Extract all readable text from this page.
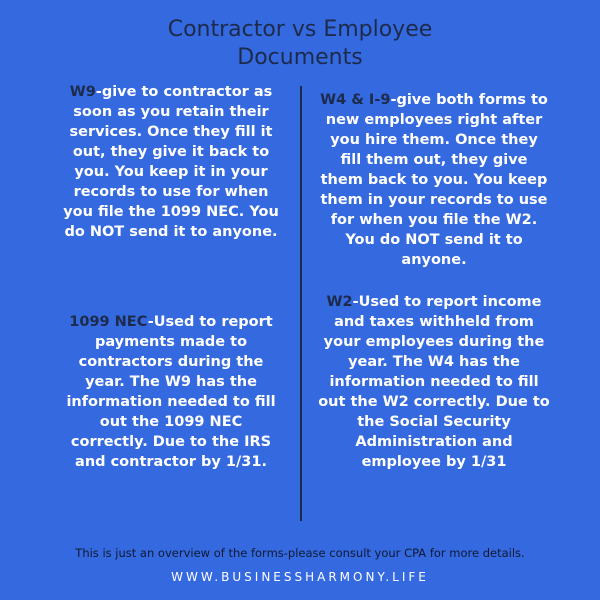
Contractor vs Employee
Documents
W9-give to contractor as soon as you retain their services. Once they fill it out, they give it back to you. You keep it in your records to use for when you file the 1099 NEC. You do NOT send it to anyone.
W4 & I-9-give both forms to new employees right after you hire them. Once they fill them out, they give them back to you. You keep them in your records to use for when you file the W2. You do NOT send it to anyone.
1099 NEC-Used to report payments made to contractors during the year. The W9 has the information needed to fill out the 1099 NEC correctly. Due to the IRS and contractor by 1/31.
W2-Used to report income and taxes withheld from your employees during the year. The W4 has the information needed to fill out the W2 correctly. Due to the Social Security Administration and employee by 1/31
This is just an overview of the forms-please consult your CPA for more details.
WWW.BUSINESSHARMONY.LIFE
